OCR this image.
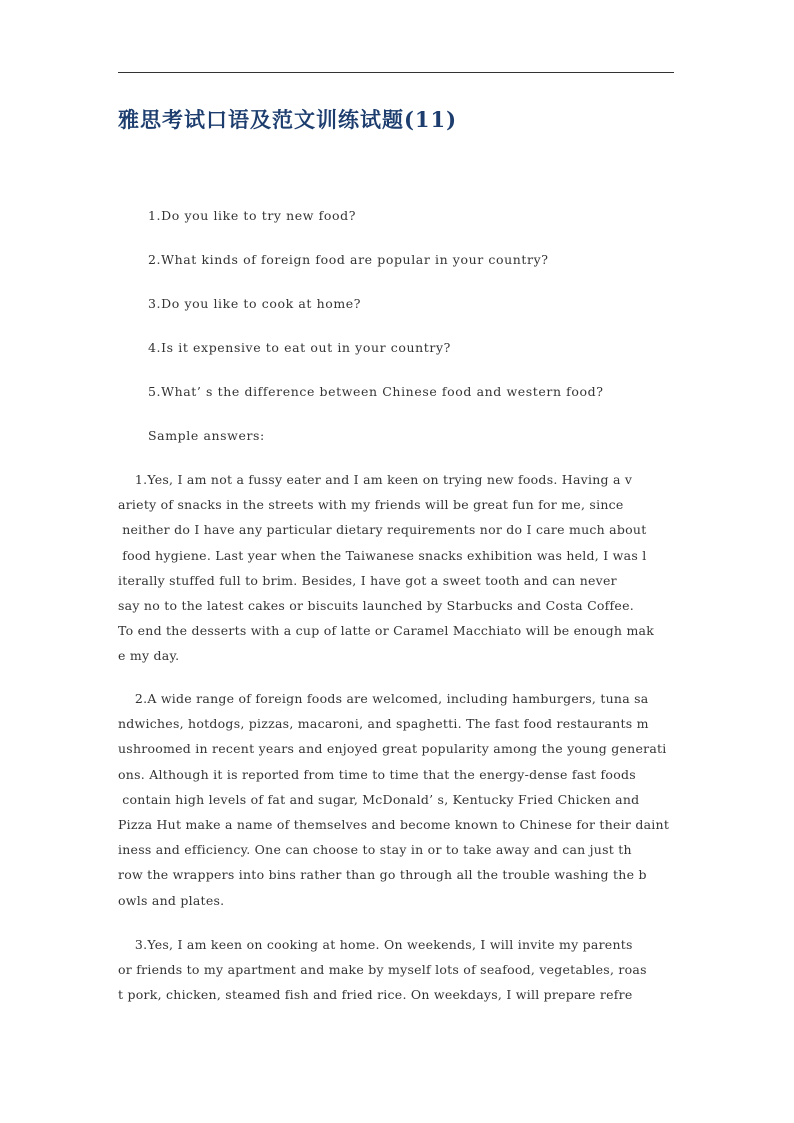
雅思考试口语及范文训练试题(11)
1.Do you like to try new food?
2.What kinds of foreign food are popular in your country?
3.Do you like to cook at home?
4.Is it expensive to eat out in your country?
5.What’ s the difference between Chinese food and western food?
Sample answers:
1.Yes, I am not a fussy eater and I am keen on trying new foods. Having a v
ariety of snacks in the streets with my friends will be great fun for me, since
neither do I have any particular dietary requirements nor do I care much about
food hygiene. Last year when the Taiwanese snacks exhibition was held, I was l
iterally stuffed full to brim. Besides, I have got a sweet tooth and can never
say no to the latest cakes or biscuits launched by Starbucks and Costa Coffee.
To end the desserts with a cup of latte or Caramel Macchiato will be enough mak
e my day.
2.A wide range of foreign foods are welcomed, including hamburgers, tuna sa
ndwiches, hotdogs, pizzas, macaroni, and spaghetti. The fast food restaurants m
ushroomed in recent years and enjoyed great popularity among the young generati
ons. Although it is reported from time to time that the energy-dense fast foods
contain high levels of fat and sugar, McDonald’ s, Kentucky Fried Chicken and
Pizza Hut make a name of themselves and become known to Chinese for their daint
iness and efficiency. One can choose to stay in or to take away and can just th
row the wrappers into bins rather than go through all the trouble washing the b
owls and plates.
3.Yes, I am keen on cooking at home. On weekends, I will invite my parents
or friends to my apartment and make by myself lots of seafood, vegetables, roas
t pork, chicken, steamed fish and fried rice. On weekdays, I will prepare refre
